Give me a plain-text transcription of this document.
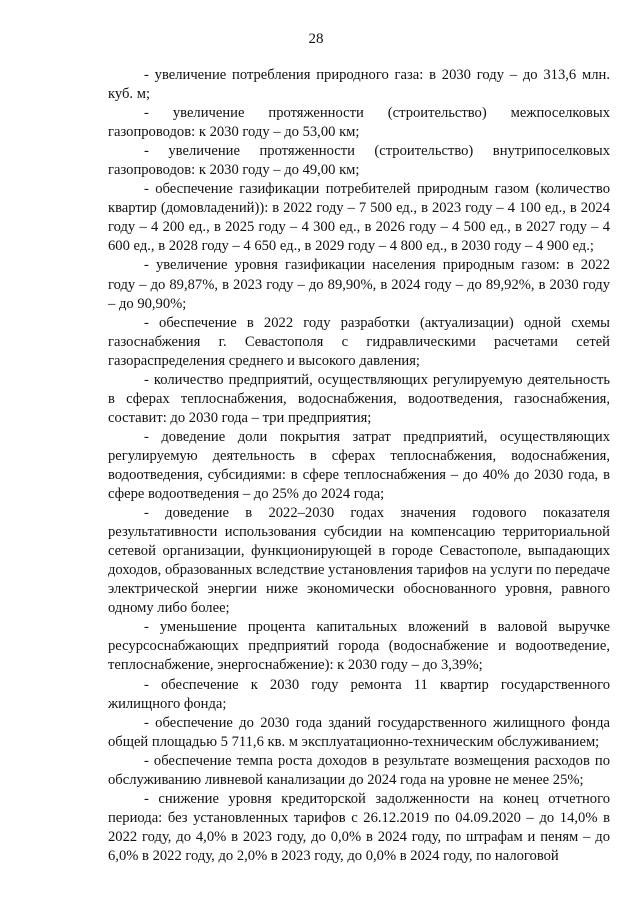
28

- увеличение потребления природного газа: в 2030 году – до 313,6 млн. куб. м;

- увеличение протяженности (строительство) межпоселковых газопроводов: к 2030 году – до 53,00 км;

- увеличение протяженности (строительство) внутрипоселковых газопроводов: к 2030 году – до 49,00 км;

- обеспечение газификации потребителей природным газом (количество квартир (домовладений)): в 2022 году – 7 500 ед., в 2023 году – 4 100 ед., в 2024 году – 4 200 ед., в 2025 году – 4 300 ед., в 2026 году – 4 500 ед., в 2027 году – 4 600 ед., в 2028 году – 4 650 ед., в 2029 году – 4 800 ед., в 2030 году – 4 900 ед.;

- увеличение уровня газификации населения природным газом: в 2022 году – до 89,87%, в 2023 году – до 89,90%, в 2024 году – до 89,92%, в 2030 году – до 90,90%;

- обеспечение в 2022 году разработки (актуализации) одной схемы газоснабжения г. Севастополя с гидравлическими расчетами сетей газораспределения среднего и высокого давления;

- количество предприятий, осуществляющих регулируемую деятельность в сферах теплоснабжения, водоснабжения, водоотведения, газоснабжения, составит: до 2030 года – три предприятия;

- доведение доли покрытия затрат предприятий, осуществляющих регулируемую деятельность в сферах теплоснабжения, водоснабжения, водоотведения, субсидиями: в сфере теплоснабжения – до 40% до 2030 года, в сфере водоотведения – до 25% до 2024 года;

- доведение в 2022–2030 годах значения годового показателя результативности использования субсидии на компенсацию территориальной сетевой организации, функционирующей в городе Севастополе, выпадающих доходов, образованных вследствие установления тарифов на услуги по передаче электрической энергии ниже экономически обоснованного уровня, равного одному либо более;

- уменьшение процента капитальных вложений в валовой выручке ресурсоснабжающих предприятий города (водоснабжение и водоотведение, теплоснабжение, энергоснабжение): к 2030 году – до 3,39%;

- обеспечение к 2030 году ремонта 11 квартир государственного жилищного фонда;

- обеспечение до 2030 года зданий государственного жилищного фонда общей площадью 5 711,6 кв. м эксплуатационно-техническим обслуживанием;

- обеспечение темпа роста доходов в результате возмещения расходов по обслуживанию ливневой канализации до 2024 года на уровне не менее 25%;

- снижение уровня кредиторской задолженности на конец отчетного периода: без установленных тарифов с 26.12.2019 по 04.09.2020 – до 14,0% в 2022 году, до 4,0% в 2023 году, до 0,0% в 2024 году, по штрафам и пеням – до 6,0% в 2022 году, до 2,0% в 2023 году, до 0,0% в 2024 году, по налоговой
